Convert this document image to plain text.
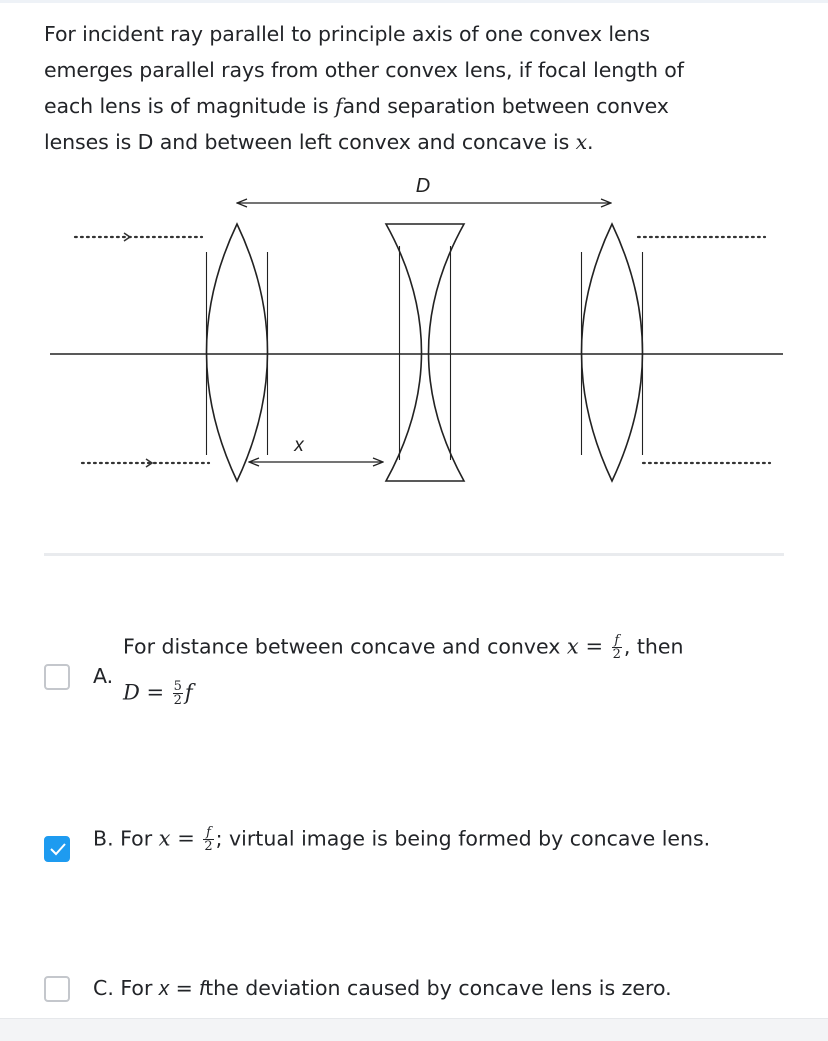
For incident ray parallel to principle axis of one convex lens
emerges parallel rays from other convex lens, if focal length of
each lens is of magnitude is fand separation between convex
lenses is D and between left convex and concave is x.
D
x
A.
For distance between concave and convex $x = \frac{f}{2}$ , then
$D = \frac{5}{2}$ f
B. For $x = \frac{f}{2}$ ; virtual image is being formed by concave lens.
C. For x = fthe deviation caused by concave lens is zero.
